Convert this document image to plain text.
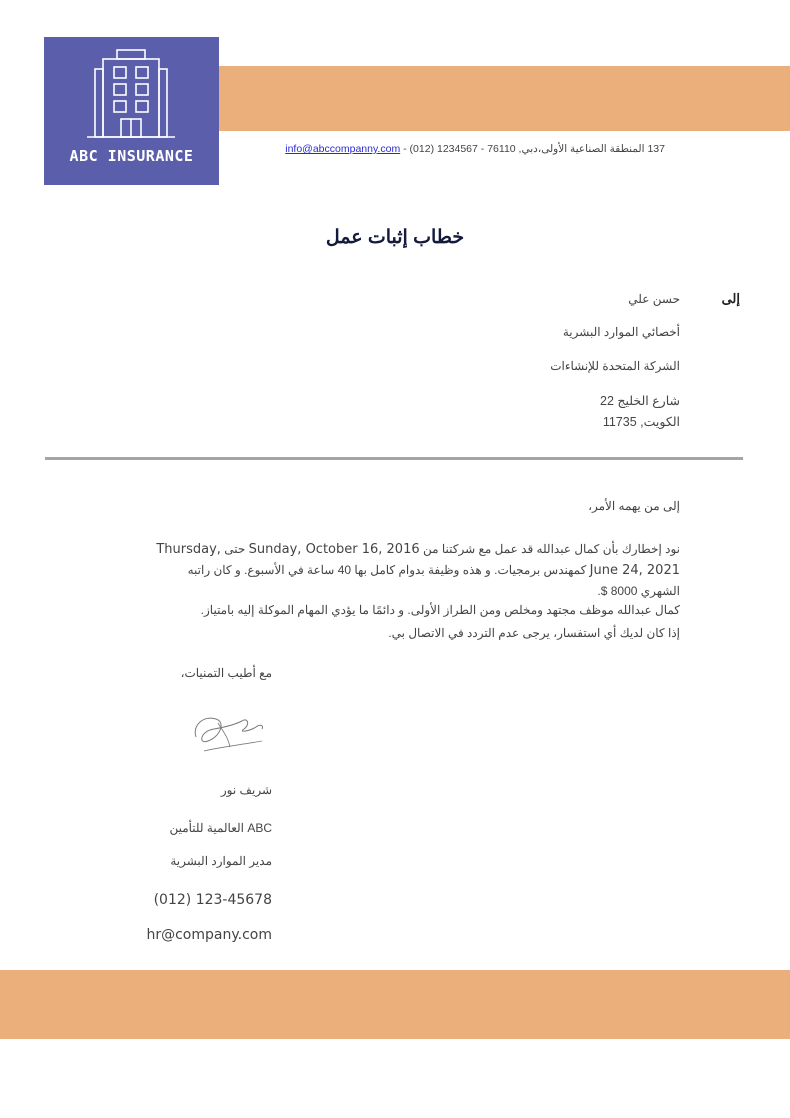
ABC INSURANCE	info@abccompanny.com 137 المنطقة الصناعية الأولى،دبي, 76110 - 1234567 (012) -
خطاب إثبات عمل
إلى
حسن علي
أخصائي الموارد البشرية
الشركة المتحدة للإنشاءات
شارع الخليج 22
الكويت, 11735
إلى من يهمه الأمر،
نود إخطارك بأن كمال عبدالله قد عمل مع شركتنا من Sunday, October 16, 2016 حتى Thursday, June 24, 2021 كمهندس برمجيات. و هذه وظيفة بدوام كامل بها 40 ساعة في الأسبوع. و كان راتبه الشهري 8000 $.
كمال عبدالله موظف مجتهد ومخلص ومن الطراز الأولى. و دائمًا ما يؤدي المهام الموكلة إليه بامتياز.
إذا كان لديك أي استفسار، يرجى عدم التردد في الاتصال بي.
مع أطيب التمنيات،
شريف نور
ABC العالمية للتأمين
مدير الموارد البشرية
(012) 123-45678
hr@company.com
